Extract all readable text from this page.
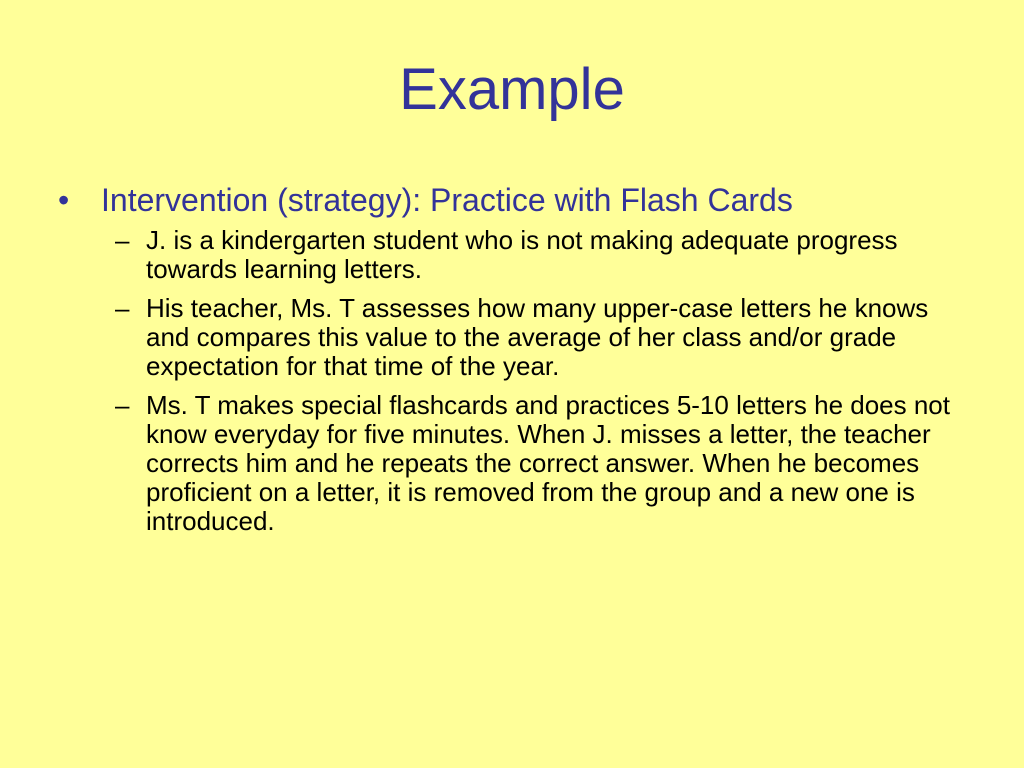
Example
• Intervention (strategy): Practice with Flash Cards
– J. is a kindergarten student who is not making adequate progress towards learning letters.
– His teacher, Ms. T assesses how many upper-case letters he knows and compares this value to the average of her class and/or grade expectation for that time of the year.
– Ms. T makes special flashcards and practices 5-10 letters he does not know everyday for five minutes. When J. misses a letter, the teacher corrects him and he repeats the correct answer. When he becomes proficient on a letter, it is removed from the group and a new one is introduced.
